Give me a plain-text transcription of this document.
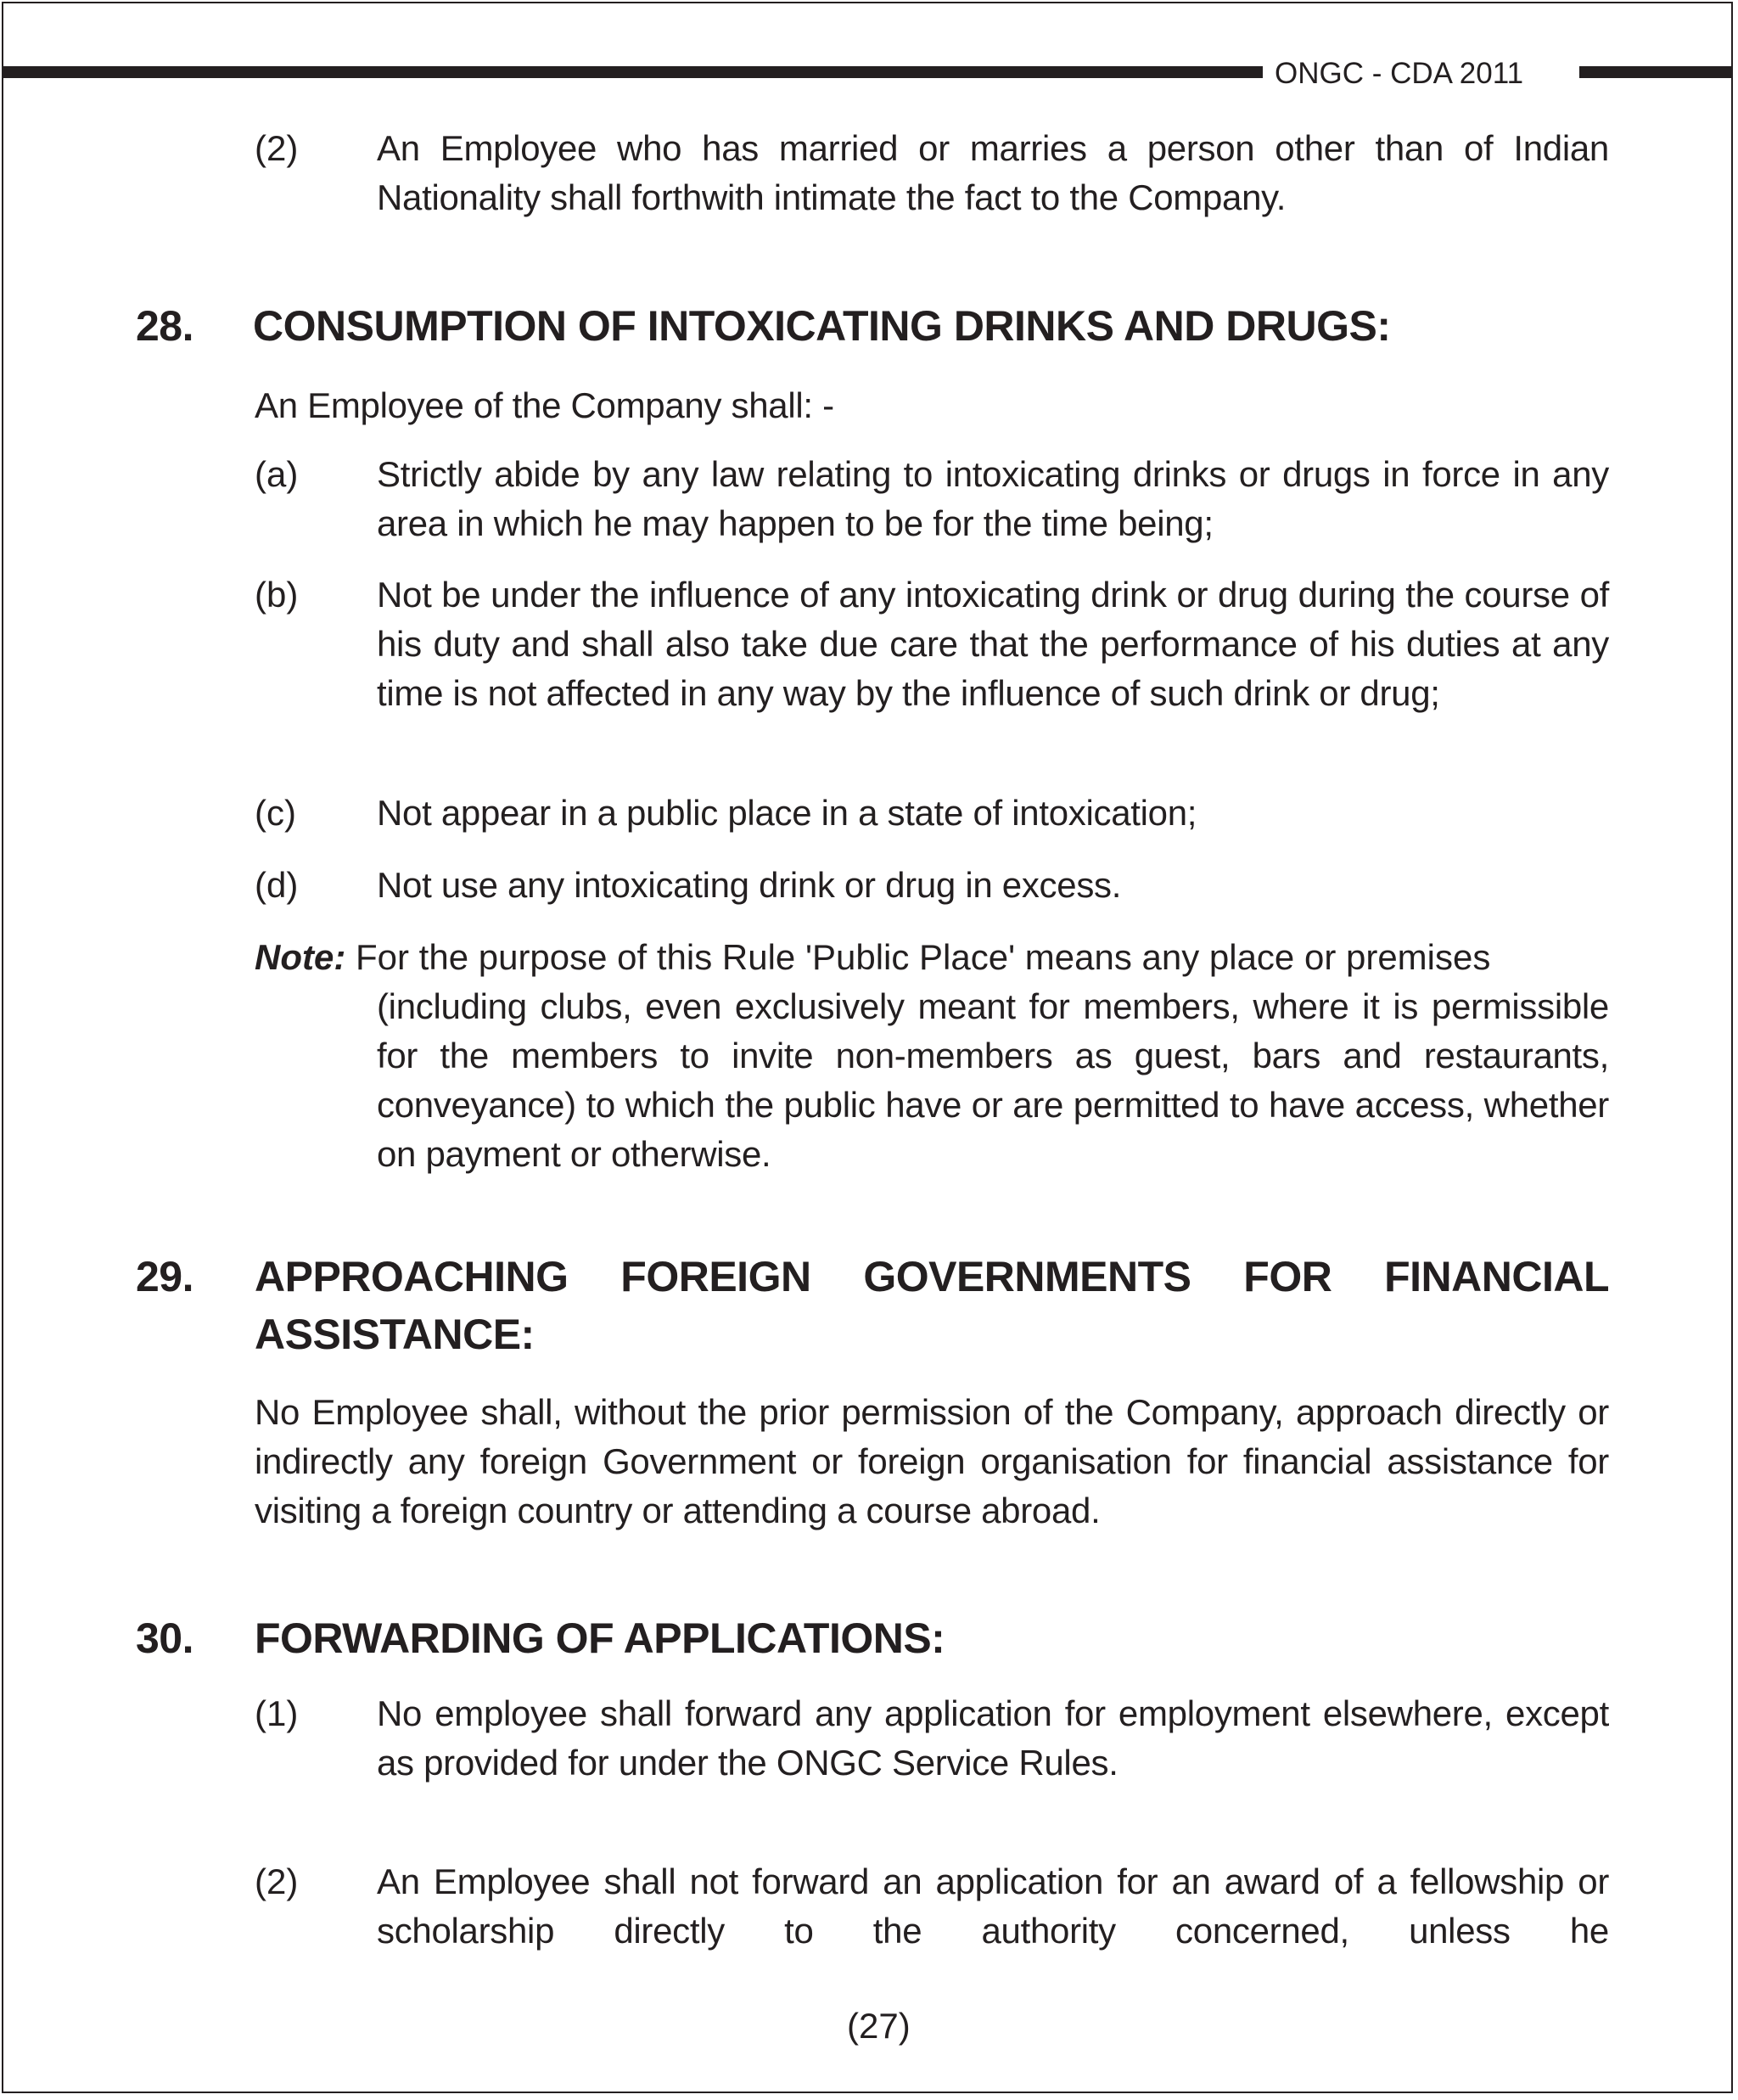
ONGC - CDA 2011
(2) An Employee who has married or marries a person other than of Indian Nationality shall forthwith intimate the fact to the Company.
28. CONSUMPTION OF INTOXICATING DRINKS AND DRUGS:
An Employee of the Company shall: -
(a) Strictly abide by any law relating to intoxicating drinks or drugs in force in any area in which he may happen to be for the time being;
(b) Not be under the influence of any intoxicating drink or drug during the course of his duty and shall also take due care that the performance of his duties at any time is not affected in any way by the influence of such drink or drug;
(c) Not appear in a public place in a state of intoxication;
(d) Not use any intoxicating drink or drug in excess.
Note: For the purpose of this Rule 'Public Place' means any place or premises
(including clubs, even exclusively meant for members, where it is permissible for the members to invite non-members as guest, bars and restaurants, conveyance) to which the public have or are permitted to have access, whether on payment or otherwise.
29. APPROACHING FOREIGN GOVERNMENTS FOR FINANCIAL ASSISTANCE:
No Employee shall, without the prior permission of the Company, approach directly or indirectly any foreign Government or foreign organisation for financial assistance for visiting a foreign country or attending a course abroad.
30. FORWARDING OF APPLICATIONS:
(1) No employee shall forward any application for employment elsewhere, except as provided for under the ONGC Service Rules.
(2) An Employee shall not forward an application for an award of a fellowship or scholarship directly to the authority concerned, unless he
(27)
